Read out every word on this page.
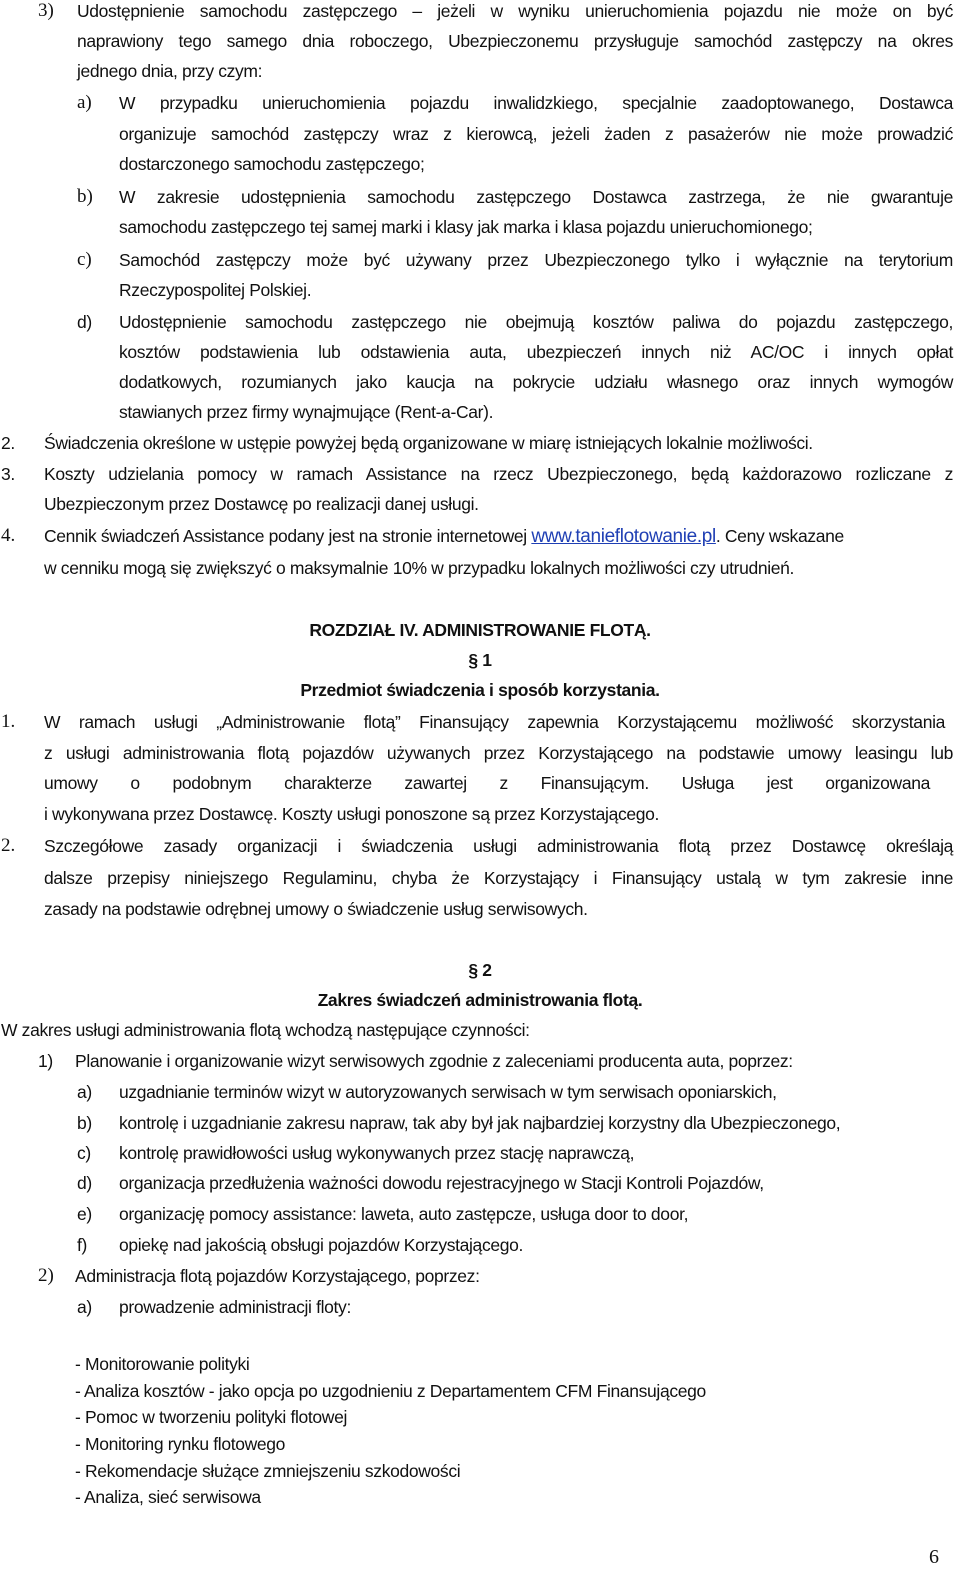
3) Udostępnienie samochodu zastępczego – jeżeli w wyniku unieruchomienia pojazdu nie może on być
naprawiony tego samego dnia roboczego, Ubezpieczonemu przysługuje samochód zastępczy na okres
jednego dnia, przy czym:
a) W przypadku unieruchomienia pojazdu inwalidzkiego, specjalnie zaadoptowanego, Dostawca
organizuje samochód zastępczy wraz z kierowcą, jeżeli żaden z pasażerów nie może prowadzić
dostarczonego samochodu zastępczego;
b) W zakresie udostępnienia samochodu zastępczego Dostawca zastrzega, że nie gwarantuje
samochodu zastępczego tej samej marki i klasy jak marka i klasa pojazdu unieruchomionego;
c) Samochód zastępczy może być używany przez Ubezpieczonego tylko i wyłącznie na terytorium
Rzeczypospolitej Polskiej.
d) Udostępnienie samochodu zastępczego nie obejmują kosztów paliwa do pojazdu zastępczego,
kosztów podstawienia lub odstawienia auta, ubezpieczeń innych niż AC/OC i innych opłat
dodatkowych, rozumianych jako kaucja na pokrycie udziału własnego oraz innych wymogów
stawianych przez firmy wynajmujące (Rent-a-Car).
2. Świadczenia określone w ustępie powyżej będą organizowane w miarę istniejących lokalnie możliwości.
3. Koszty udzielania pomocy w ramach Assistance na rzecz Ubezpieczonego, będą każdorazowo rozliczane z
Ubezpieczonym przez Dostawcę po realizacji danej usługi.
4. Cennik świadczeń Assistance podany jest na stronie internetowej www.tanieflotowanie.pl. Ceny wskazane
w cenniku mogą się zwiększyć o maksymalnie 10% w przypadku lokalnych możliwości czy utrudnień.
ROZDZIAŁ IV. ADMINISTROWANIE FLOTĄ.
§ 1
Przedmiot świadczenia i sposób korzystania.
1. W ramach usługi „Administrowanie flotą” Finansujący zapewnia Korzystającemu możliwość skorzystania
z usługi administrowania flotą pojazdów używanych przez Korzystającego na podstawie umowy leasingu lub
umowy o podobnym charakterze zawartej z Finansującym. Usługa jest organizowana
i wykonywana przez Dostawcę. Koszty usługi ponoszone są przez Korzystającego.
2. Szczegółowe zasady organizacji i świadczenia usługi administrowania flotą przez Dostawcę określają
dalsze przepisy niniejszego Regulaminu, chyba że Korzystający i Finansujący ustalą w tym zakresie inne
zasady na podstawie odrębnej umowy o świadczenie usług serwisowych.
§ 2
Zakres świadczeń administrowania flotą.
W zakres usługi administrowania flotą wchodzą następujące czynności:
1) Planowanie i organizowanie wizyt serwisowych zgodnie z zaleceniami producenta auta, poprzez:
a) uzgadnianie terminów wizyt w autoryzowanych serwisach w tym serwisach oponiarskich,
b) kontrolę i uzgadnianie zakresu napraw, tak aby był jak najbardziej korzystny dla Ubezpieczonego,
c) kontrolę prawidłowości usług wykonywanych przez stację naprawczą,
d) organizacja przedłużenia ważności dowodu rejestracyjnego w Stacji Kontroli Pojazdów,
e) organizację pomocy assistance: laweta, auto zastępcze, usługa door to door,
f) opiekę nad jakością obsługi pojazdów Korzystającego.
2) Administracja flotą pojazdów Korzystającego, poprzez:
a) prowadzenie administracji floty:
- Monitorowanie polityki
- Analiza kosztów - jako opcja po uzgodnieniu z Departamentem CFM Finansującego
- Pomoc w tworzeniu polityki flotowej
- Monitoring rynku flotowego
- Rekomendacje służące zmniejszeniu szkodowości
- Analiza, sieć serwisowa
6
